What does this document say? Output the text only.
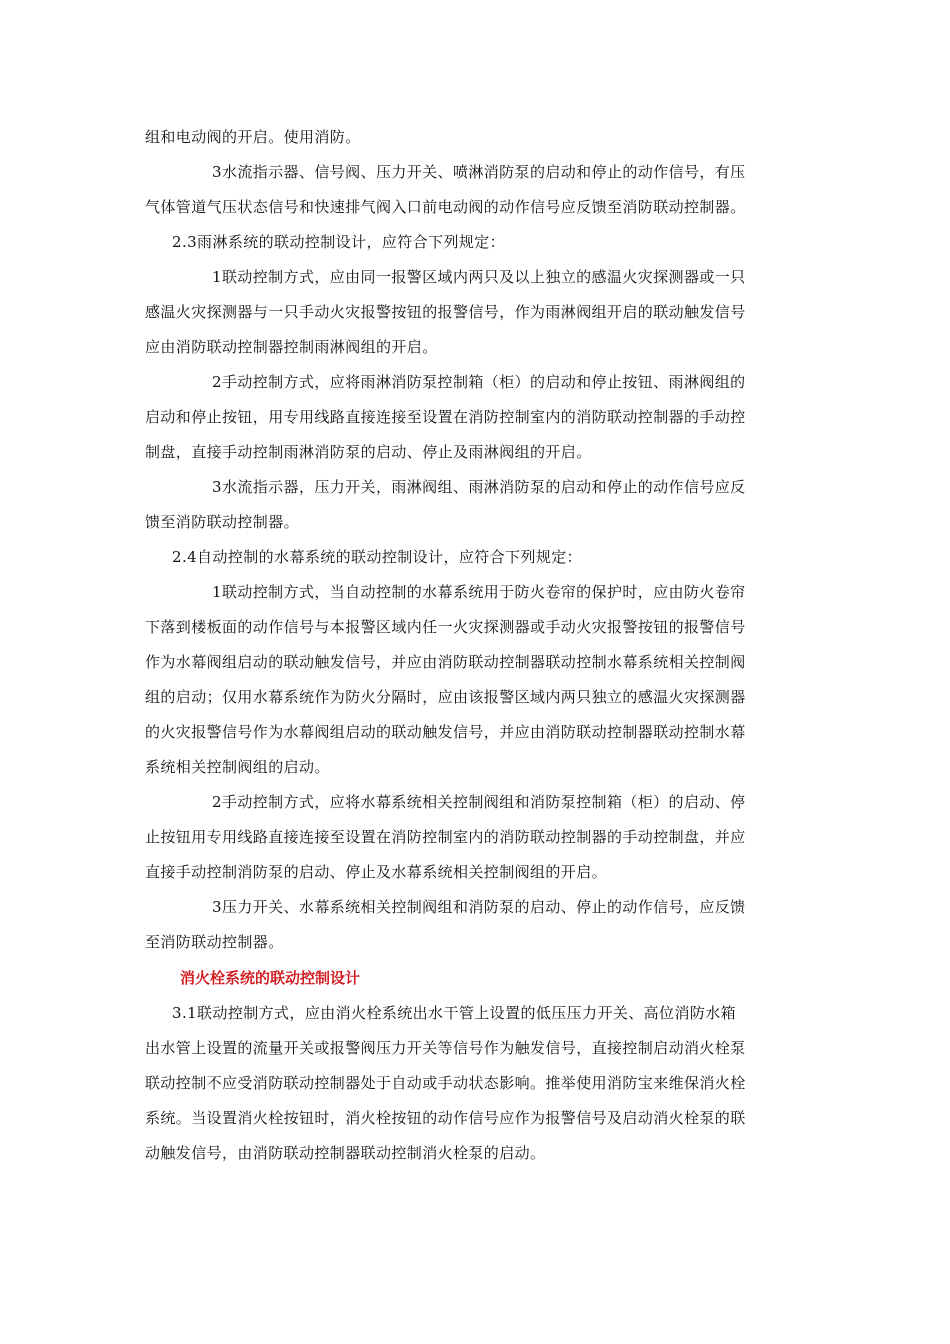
组和电动阀的开启。使用消防。
3水流指示器、信号阀、压力开关、喷淋消防泵的启动和停止的动作信号，有压
气体管道气压状态信号和快速排气阀入口前电动阀的动作信号应反馈至消防联动控制器。
2.3雨淋系统的联动控制设计，应符合下列规定：
1联动控制方式，应由同一报警区域内两只及以上独立的感温火灾探测器或一只
感温火灾探测器与一只手动火灾报警按钮的报警信号，作为雨淋阀组开启的联动触发信号
应由消防联动控制器控制雨淋阀组的开启。
2手动控制方式，应将雨淋消防泵控制箱（柜）的启动和停止按钮、雨淋阀组的
启动和停止按钮，用专用线路直接连接至设置在消防控制室内的消防联动控制器的手动控
制盘，直接手动控制雨淋消防泵的启动、停止及雨淋阀组的开启。
3水流指示器，压力开关，雨淋阀组、雨淋消防泵的启动和停止的动作信号应反
馈至消防联动控制器。
2.4自动控制的水幕系统的联动控制设计，应符合下列规定：
1联动控制方式，当自动控制的水幕系统用于防火卷帘的保护时，应由防火卷帘
下落到楼板面的动作信号与本报警区域内任一火灾探测器或手动火灾报警按钮的报警信号
作为水幕阀组启动的联动触发信号，并应由消防联动控制器联动控制水幕系统相关控制阀
组的启动；仅用水幕系统作为防火分隔时，应由该报警区域内两只独立的感温火灾探测器
的火灾报警信号作为水幕阀组启动的联动触发信号，并应由消防联动控制器联动控制水幕
系统相关控制阀组的启动。
2手动控制方式，应将水幕系统相关控制阀组和消防泵控制箱（柜）的启动、停
止按钮用专用线路直接连接至设置在消防控制室内的消防联动控制器的手动控制盘，并应
直接手动控制消防泵的启动、停止及水幕系统相关控制阀组的开启。
3压力开关、水幕系统相关控制阀组和消防泵的启动、停止的动作信号，应反馈
至消防联动控制器。
消火栓系统的联动控制设计
3.1联动控制方式，应由消火栓系统出水干管上设置的低压压力开关、高位消防水箱
出水管上设置的流量开关或报警阀压力开关等信号作为触发信号，直接控制启动消火栓泵
联动控制不应受消防联动控制器处于自动或手动状态影响。推举使用消防宝来维保消火栓
系统。当设置消火栓按钮时，消火栓按钮的动作信号应作为报警信号及启动消火栓泵的联
动触发信号，由消防联动控制器联动控制消火栓泵的启动。
